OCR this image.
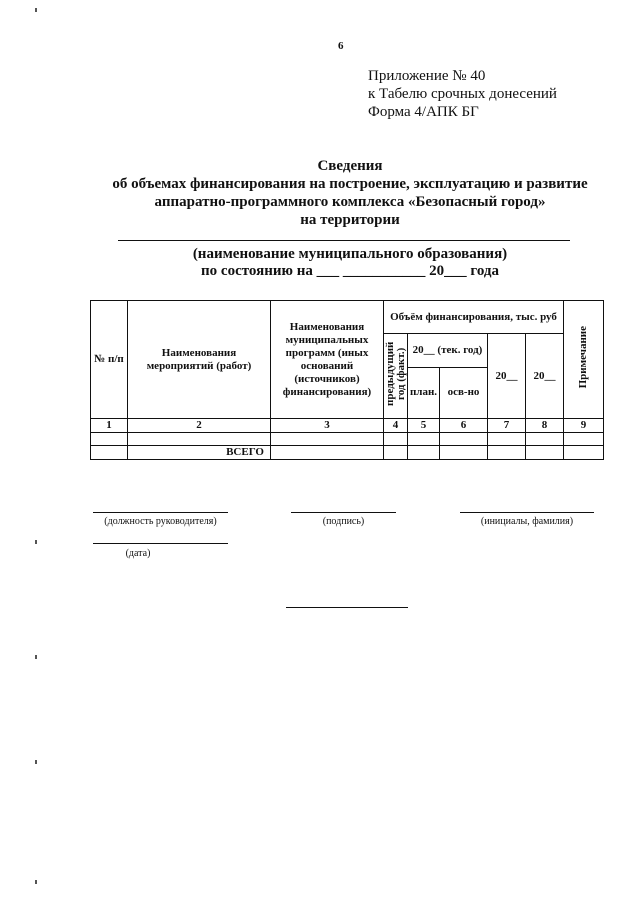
6
Приложение № 40
к Табелю срочных донесений
Форма 4/АПК БГ
Сведения
об объемах финансирования на построение, эксплуатацию и развитие
аппаратно-программного комплекса «Безопасный город»
на территории
(наименование муниципального образования)
по состоянию на ___ ___________ 20___ года
№ п/п	Наименования мероприятий (работ)	Наименования муниципальных программ (иных оснований (источников) финансирования)	Объём финансирования, тыс. руб					Примечание
			предыдущий год (факт.)	20__ (тек. год)		20__	20__	
				план.	осв-но			
1	2	3	4	5	6	7	8	9

	ВСЕГО							
(должность руководителя)	(подпись)	(инициалы, фамилия)
(дата)
